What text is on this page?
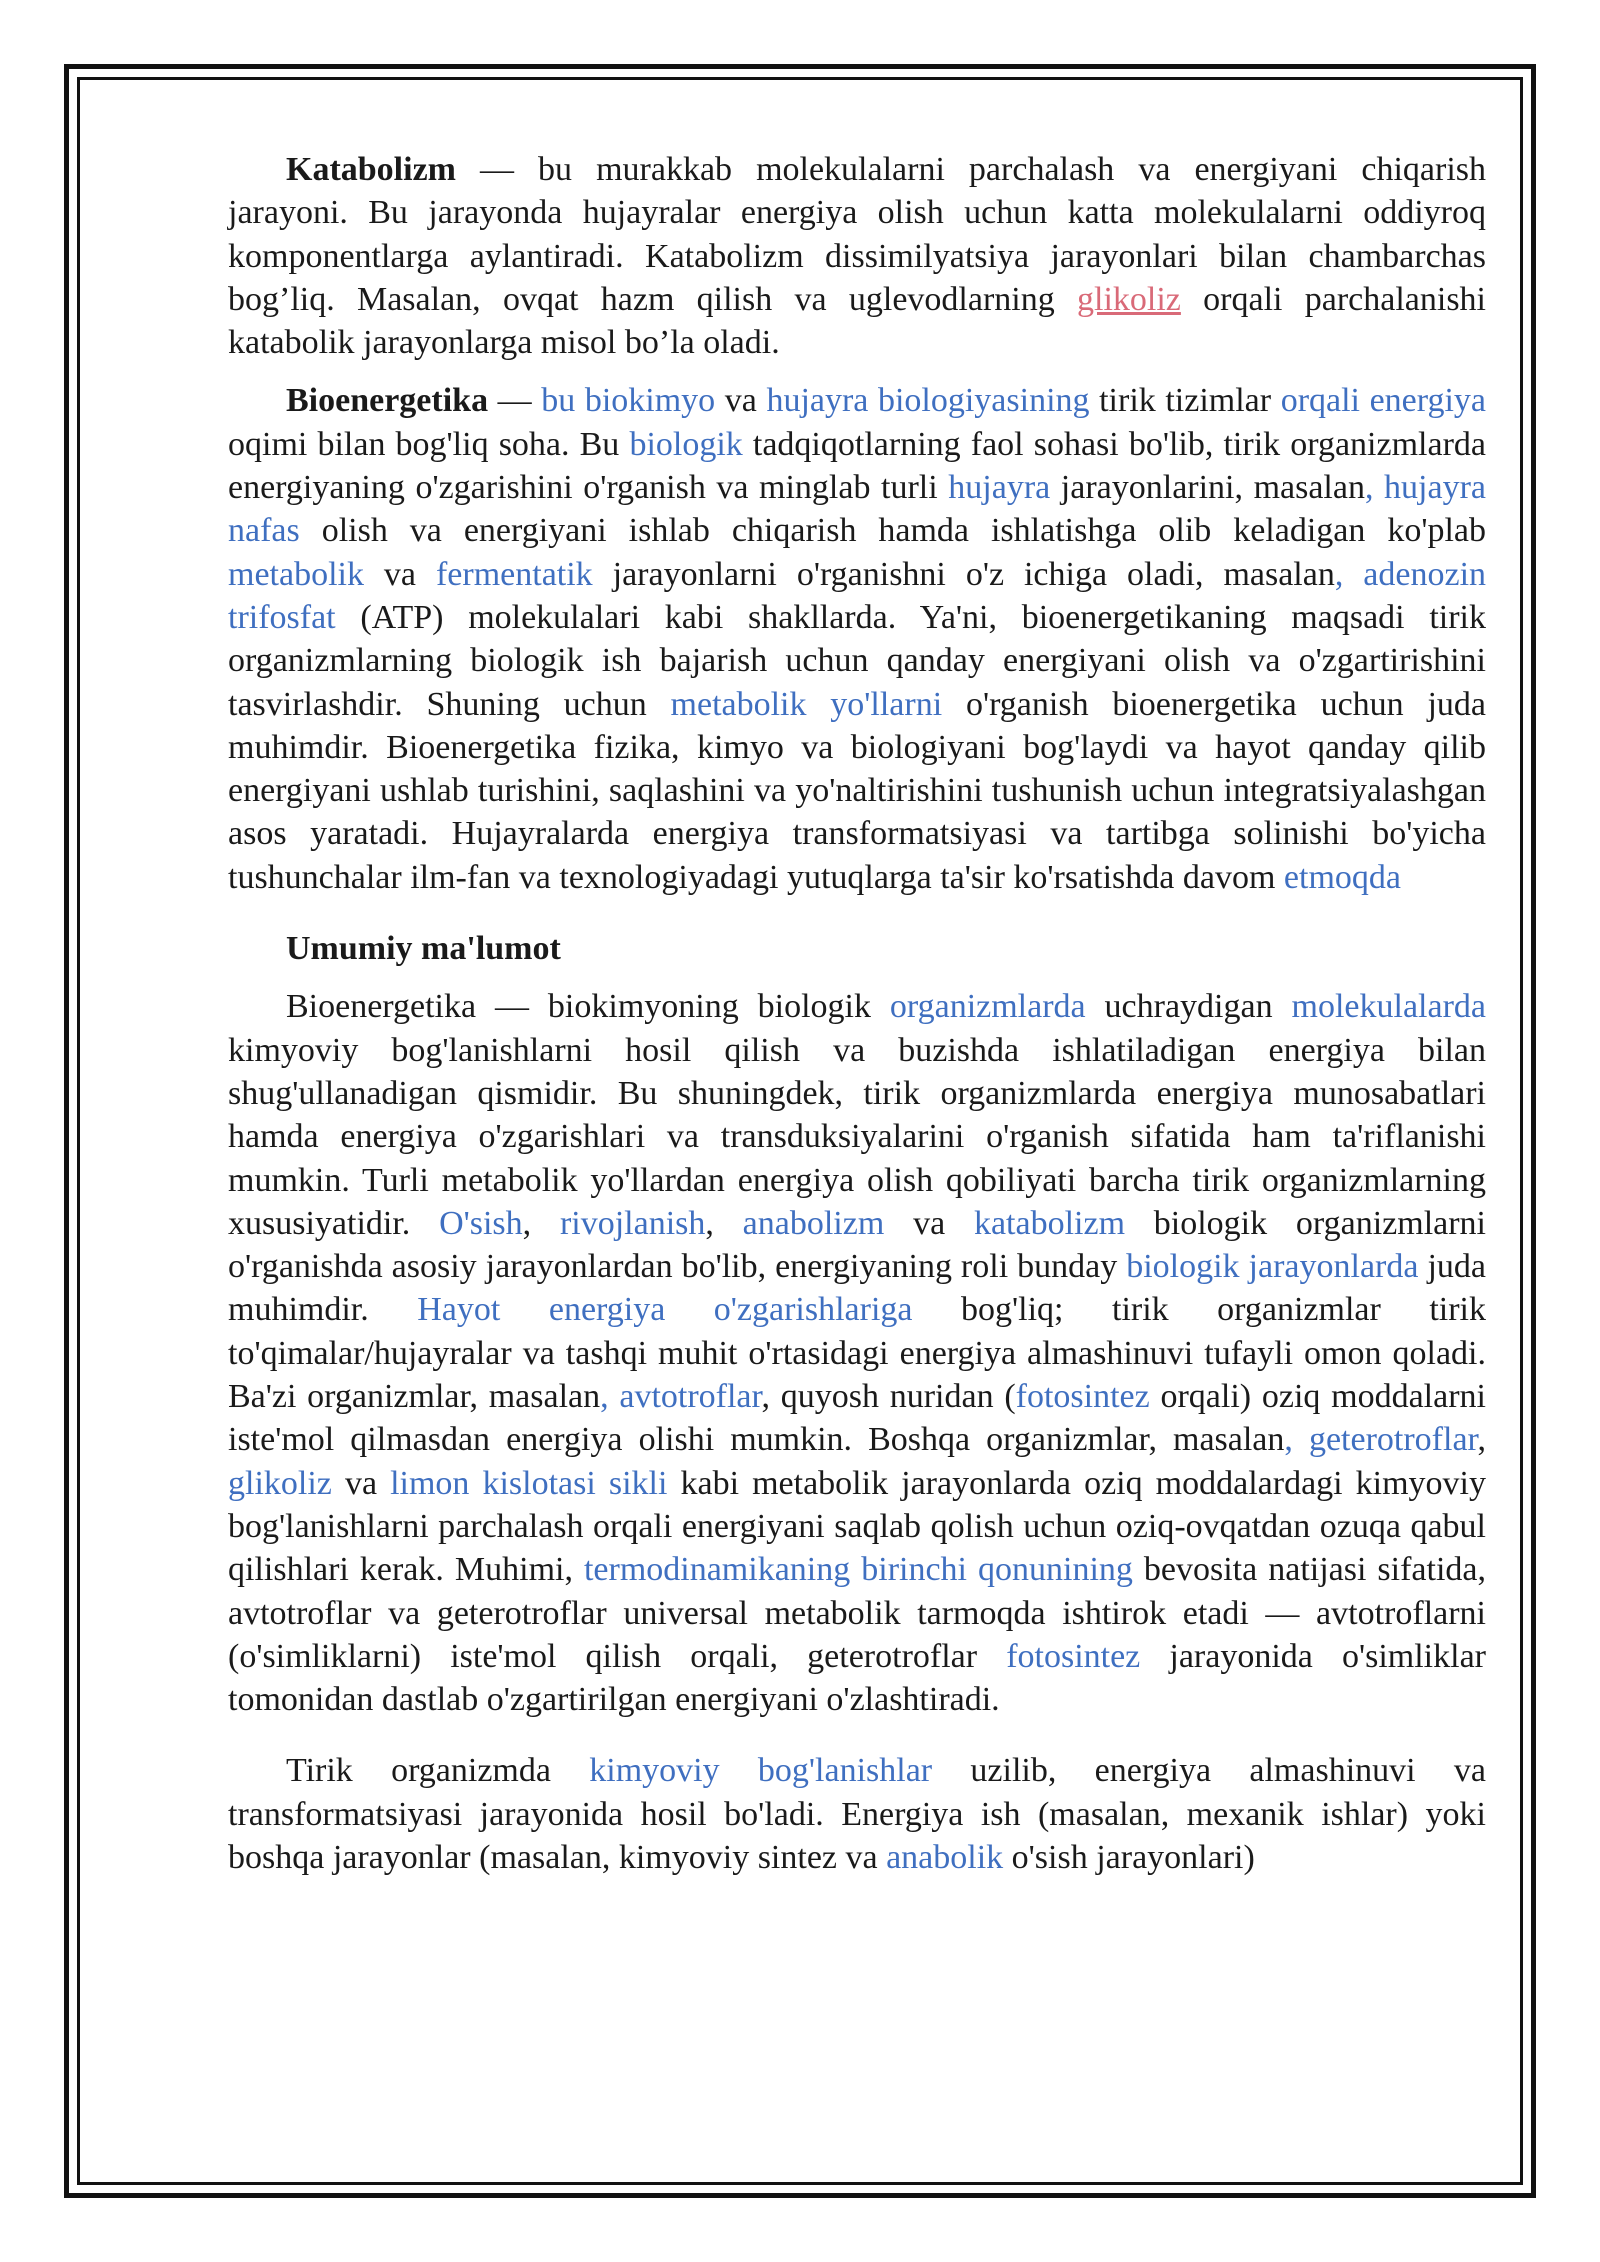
Katabolizm — bu murakkab molekulalarni parchalash va energiyani chiqarish jarayoni. Bu jarayonda hujayralar energiya olish uchun katta molekulalarni oddiyroq komponentlarga aylantiradi. Katabolizm dissimilyatsiya jarayonlari bilan chambarchas bog’liq. Masalan, ovqat hazm qilish va uglevodlarning glikoliz orqali parchalanishi katabolik jarayonlarga misol bo’la oladi.

Bioenergetika — bu biokimyo va hujayra biologiyasining tirik tizimlar orqali energiya oqimi bilan bog'liq soha. Bu biologik tadqiqotlarning faol sohasi bo'lib, tirik organizmlarda energiyaning o'zgarishini o'rganish va minglab turli hujayra jarayonlarini, masalan, hujayra nafas olish va energiyani ishlab chiqarish hamda ishlatishga olib keladigan ko'plab metabolik va fermentatik jarayonlarni o'rganishni o'z ichiga oladi, masalan, adenozin trifosfat (ATP) molekulalari kabi shakllarda. Ya'ni, bioenergetikaning maqsadi tirik organizmlarning biologik ish bajarish uchun qanday energiyani olish va o'zgartirishini tasvirlashdir. Shuning uchun metabolik yo'llarni o'rganish bioenergetika uchun juda muhimdir. Bioenergetika fizika, kimyo va biologiyani bog'laydi va hayot qanday qilib energiyani ushlab turishini, saqlashini va yo'naltirishini tushunish uchun integratsiyalashgan asos yaratadi. Hujayralarda energiya transformatsiyasi va tartibga solinishi bo'yicha tushunchalar ilm-fan va texnologiyadagi yutuqlarga ta'sir ko'rsatishda davom etmoqda

Umumiy ma'lumot

Bioenergetika — biokimyoning biologik organizmlarda uchraydigan molekulalarda kimyoviy bog'lanishlarni hosil qilish va buzishda ishlatiladigan energiya bilan shug'ullanadigan qismidir. Bu shuningdek, tirik organizmlarda energiya munosabatlari hamda energiya o'zgarishlari va transduksiyalarini o'rganish sifatida ham ta'riflanishi mumkin. Turli metabolik yo'llardan energiya olish qobiliyati barcha tirik organizmlarning xususiyatidir. O'sish, rivojlanish, anabolizm va katabolizm biologik organizmlarni o'rganishda asosiy jarayonlardan bo'lib, energiyaning roli bunday biologik jarayonlarda juda muhimdir. Hayot energiya o'zgarishlariga bog'liq; tirik organizmlar tirik to'qimalar/hujayralar va tashqi muhit o'rtasidagi energiya almashinuvi tufayli omon qoladi. Ba'zi organizmlar, masalan, avtotroflar, quyosh nuridan (fotosintez orqali) oziq moddalarni iste'mol qilmasdan energiya olishi mumkin. Boshqa organizmlar, masalan, geterotroflar, glikoliz va limon kislotasi sikli kabi metabolik jarayonlarda oziq moddalardagi kimyoviy bog'lanishlarni parchalash orqali energiyani saqlab qolish uchun oziq-ovqatdan ozuqa qabul qilishlari kerak. Muhimi, termodinamikaning birinchi qonunining bevosita natijasi sifatida, avtotroflar va geterotroflar universal metabolik tarmoqda ishtirok etadi — avtotroflarni (o'simliklarni) iste'mol qilish orqali, geterotroflar fotosintez jarayonida o'simliklar tomonidan dastlab o'zgartirilgan energiyani o'zlashtiradi.

Tirik organizmda kimyoviy bog'lanishlar uzilib, energiya almashinuvi va transformatsiyasi jarayonida hosil bo'ladi. Energiya ish (masalan, mexanik ishlar) yoki boshqa jarayonlar (masalan, kimyoviy sintez va anabolik o'sish jarayonlari)
